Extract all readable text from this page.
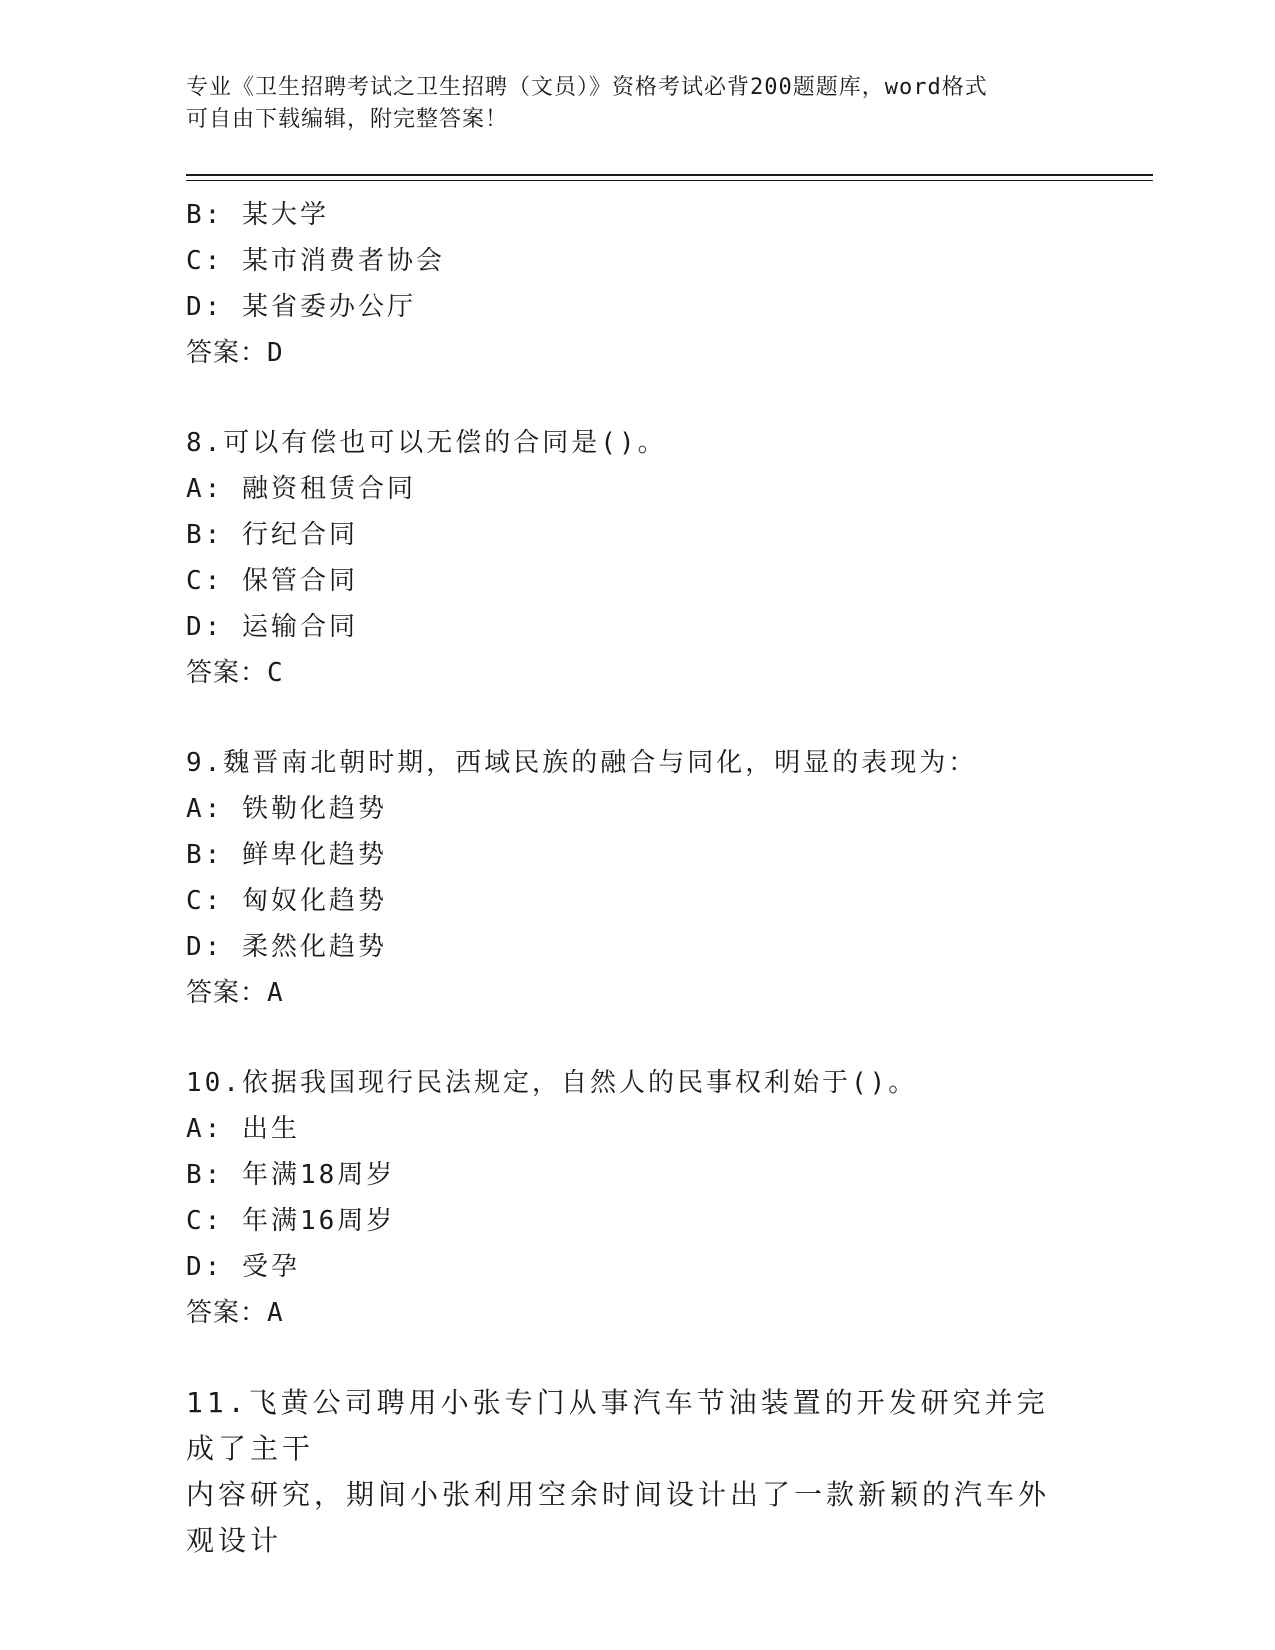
专业《卫生招聘考试之卫生招聘（文员）》资格考试必背200题题库，word格式
可自由下载编辑，附完整答案！
B: 某大学
C: 某市消费者协会
D: 某省委办公厅
答案：D
8.可以有偿也可以无偿的合同是()。
A: 融资租赁合同
B: 行纪合同
C: 保管合同
D: 运输合同
答案：C
9.魏晋南北朝时期，西域民族的融合与同化，明显的表现为：
A: 铁勒化趋势
B: 鲜卑化趋势
C: 匈奴化趋势
D: 柔然化趋势
答案：A
10.依据我国现行民法规定，自然人的民事权利始于()。
A: 出生
B: 年满18周岁
C: 年满16周岁
D: 受孕
答案：A
11.飞黄公司聘用小张专门从事汽车节油装置的开发研究并完成了主干
内容研究，期间小张利用空余时间设计出了一款新颖的汽车外观设计
